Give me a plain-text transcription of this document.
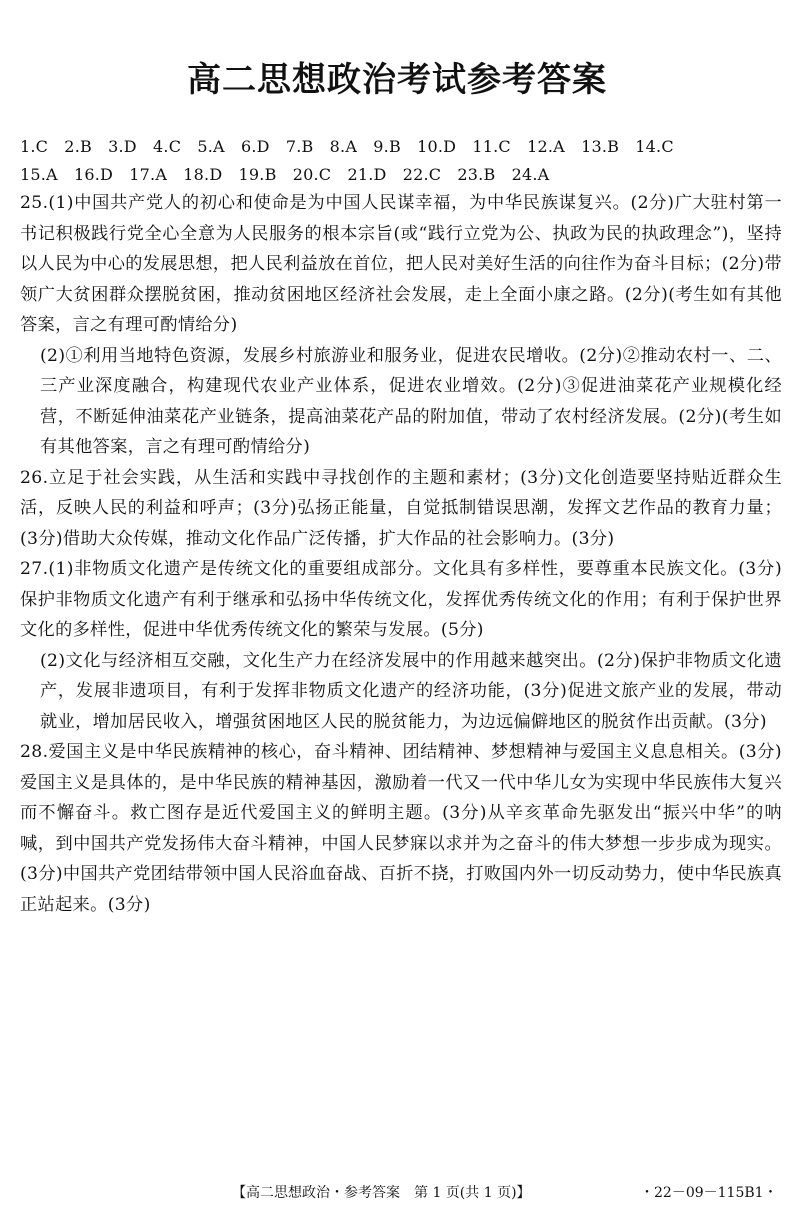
高二思想政治考试参考答案
1.C　2.B　3.D　4.C　5.A　6.D　7.B　8.A　9.B　10.D　11.C　12.A　13.B　14.C
15.A　16.D　17.A　18.D　19.B　20.C　21.D　22.C　23.B　24.A

25.(1)中国共产党人的初心和使命是为中国人民谋幸福，为中华民族谋复兴。(2分)广大驻村第一书记积极践行党全心全意为人民服务的根本宗旨(或“践行立党为公、执政为民的执政理念”)，坚持以人民为中心的发展思想，把人民利益放在首位，把人民对美好生活的向往作为奋斗目标；(2分)带领广大贫困群众摆脱贫困，推动贫困地区经济社会发展，走上全面小康之路。(2分)(考生如有其他答案，言之有理可酌情给分)

(2)①利用当地特色资源，发展乡村旅游业和服务业，促进农民增收。(2分)②推动农村一、二、三产业深度融合，构建现代农业产业体系，促进农业增效。(2分)③促进油菜花产业规模化经营，不断延伸油菜花产业链条，提高油菜花产品的附加值，带动了农村经济发展。(2分)(考生如有其他答案，言之有理可酌情给分)

26.立足于社会实践，从生活和实践中寻找创作的主题和素材；(3分)文化创造要坚持贴近群众生活，反映人民的利益和呼声；(3分)弘扬正能量，自觉抵制错误思潮，发挥文艺作品的教育力量；(3分)借助大众传媒，推动文化作品广泛传播，扩大作品的社会影响力。(3分)

27.(1)非物质文化遗产是传统文化的重要组成部分。文化具有多样性，要尊重本民族文化。(3分)保护非物质文化遗产有利于继承和弘扬中华传统文化，发挥优秀传统文化的作用；有利于保护世界文化的多样性，促进中华优秀传统文化的繁荣与发展。(5分)

(2)文化与经济相互交融，文化生产力在经济发展中的作用越来越突出。(2分)保护非物质文化遗产，发展非遗项目，有利于发挥非物质文化遗产的经济功能，(3分)促进文旅产业的发展，带动就业，增加居民收入，增强贫困地区人民的脱贫能力，为边远偏僻地区的脱贫作出贡献。(3分)

28.爱国主义是中华民族精神的核心，奋斗精神、团结精神、梦想精神与爱国主义息息相关。(3分)爱国主义是具体的，是中华民族的精神基因，激励着一代又一代中华儿女为实现中华民族伟大复兴而不懈奋斗。救亡图存是近代爱国主义的鲜明主题。(3分)从辛亥革命先驱发出“振兴中华”的呐喊，到中国共产党发扬伟大奋斗精神，中国人民梦寐以求并为之奋斗的伟大梦想一步步成为现实。(3分)中国共产党团结带领中国人民浴血奋战、百折不挠，打败国内外一切反动势力，使中华民族真正站起来。(3分)

【高二思想政治・参考答案　第 1 页(共 1 页)】	・22－09－115B1・
